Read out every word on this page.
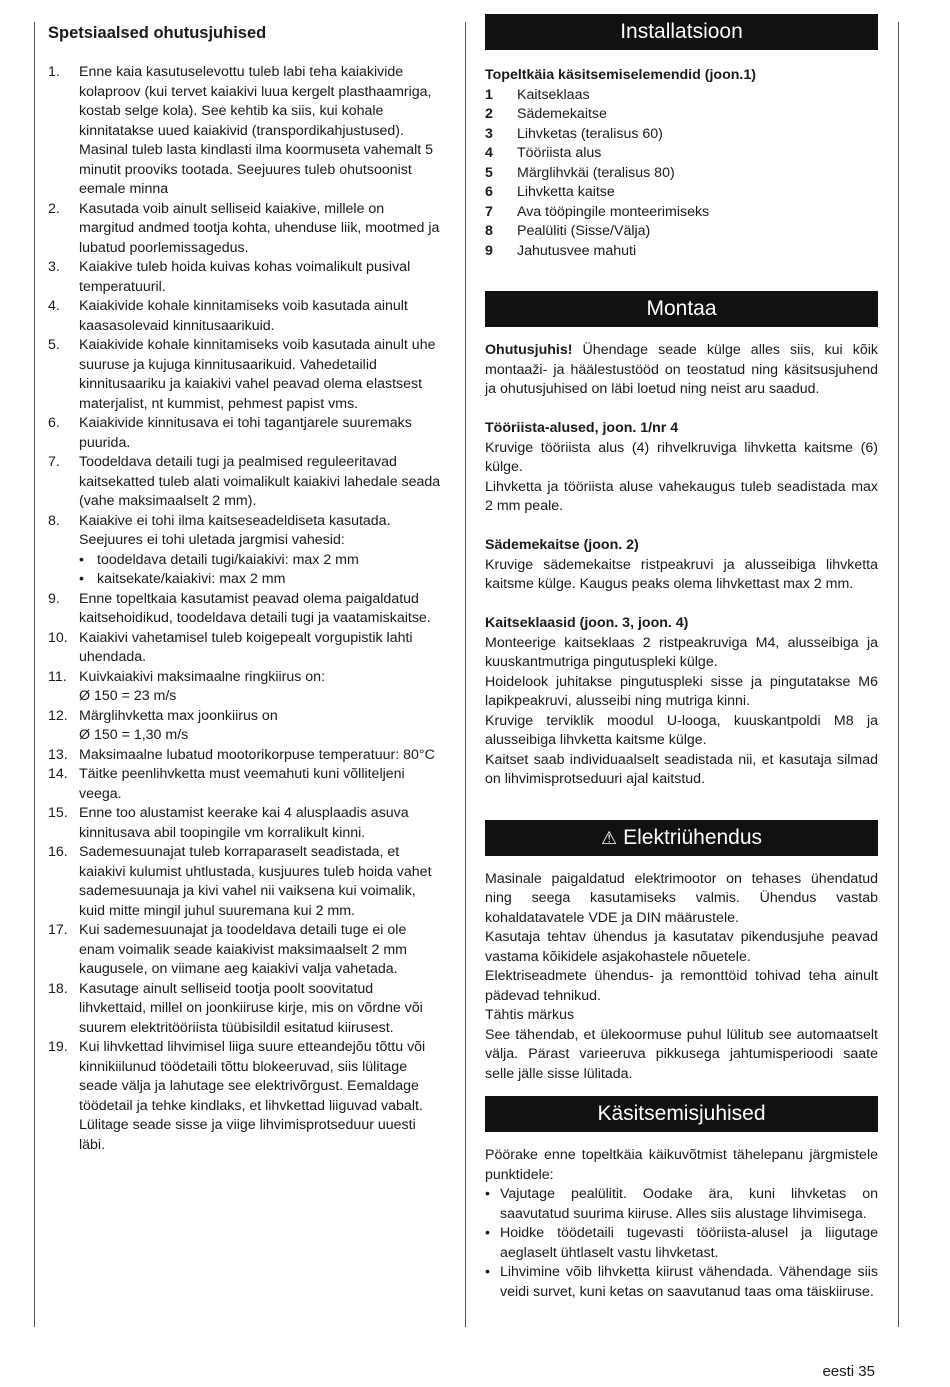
Spetsiaalsed ohutusjuhised
1. Enne kaia kasutuselevottu tuleb labi teha kaiakivide kolaproov (kui tervet kaiakivi luua kergelt plasthaamriga, kostab selge kola). See kehtib ka siis, kui kohale kinnitatakse uued kaiakivid (transpordikahjustused). Masinal tuleb lasta kindlasti ilma koormuseta vahemalt 5 minutit prooviks tootada. Seejuures tuleb ohutsoonist eemale minna
2. Kasutada voib ainult selliseid kaiakive, millele on margitud andmed tootja kohta, uhenduse liik, mootmed ja lubatud poorlemissagedus.
3. Kaiakive tuleb hoida kuivas kohas voimalikult pusival temperatuuril.
4. Kaiakivide kohale kinnitamiseks voib kasutada ainult kaasasolevaid kinnitusaarikuid.
5. Kaiakivide kohale kinnitamiseks voib kasutada ainult uhe suuruse ja kujuga kinnitusaarikuid. Vahedetailid kinnitusaariku ja kaiakivi vahel peavad olema elastsest materjalist, nt kummist, pehmest papist vms.
6. Kaiakivide kinnitusava ei tohi tagantjarele suuremaks puurida.
7. Toodeldava detaili tugi ja pealmised reguleeritavad kaitsekatted tuleb alati voimalikult kaiakivi lahedale seada (vahe maksimaalselt 2 mm).
8. Kaiakive ei tohi ilma kaitseseadeldiseta kasutada. Seejuures ei tohi uletada jargmisi vahesid:
• toodeldava detaili tugi/kaiakivi: max 2 mm
• kaitsekate/kaiakivi: max 2 mm
9. Enne topeltkaia kasutamist peavad olema paigaldatud kaitsehoidikud, toodeldava detaili tugi ja vaatamiskaitse.
10. Kaiakivi vahetamisel tuleb koigepealt vorgupistik lahti uhendada.
11. Kuivkaiakivi maksimaalne ringkiirus on:
Ø 150 = 23 m/s
12. Märglihvketta max joonkiirus on
Ø 150 = 1,30 m/s
13. Maksimaalne lubatud mootorikorpuse temperatuur: 80°C
14. Täitke peenlihvketta must veemahuti kuni võlliteljeni veega.
15. Enne too alustamist keerake kai 4 alusplaadis asuva kinnitusava abil toopingile vm korralikult kinni.
16. Sademesuunajat tuleb korraparaselt seadistada, et kaiakivi kulumist uhtlustada, kusjuures tuleb hoida vahet sademesuunaja ja kivi vahel nii vaiksena kui voimalik, kuid mitte mingil juhul suuremana kui 2 mm.
17. Kui sademesuunajat ja toodeldava detaili tuge ei ole enam voimalik seade kaiakivist maksimaalselt 2 mm kaugusele, on viimane aeg kaiakivi valja vahetada.
18. Kasutage ainult selliseid tootja poolt soovitatud lihvkettaid, millel on joonkiiruse kirje, mis on võrdne või suurem elektritööriista tüübisildil esitatud kiirusest.
19. Kui lihvkettad lihvimisel liiga suure etteandejõu tõttu või kinnikiilunud töödetaili tõttu blokeeruvad, siis lülitage seade välja ja lahutage see elektrivõrgust. Eemaldage töödetail ja tehke kindlaks, et lihvkettad liiguvad vabalt. Lülitage seade sisse ja viige lihvimisprotseduur uuesti läbi.
Installatsioon

Topeltkäia käsitsemiselemendid (joon.1)

1 Kaitseklaas
2 Sädemekaitse
3 Lihvketas (teralisus 60)
4 Tööriista alus
5 Märglihvkäi (teralisus 80)
6 Lihvketta kaitse
7 Ava tööpingile monteerimiseks
8 Pealüliti (Sisse/Välja)
9 Jahutusvee mahuti
Montaa

Ohutusjuhis! Ühendage seade külge alles siis, kui kõik montaaži- ja häälestustööd on teostatud ning käsitsusjuhend ja ohutusjuhised on läbi loetud ning neist aru saadud.

Tööriista-alused, joon. 1/nr 4

Kruvige tööriista alus (4) rihvelkruviga lihvketta kaitsme (6) külge.

Lihvketta ja tööriista aluse vahekaugus tuleb seadistada max 2 mm peale.

Sädemekaitse (joon. 2)

Kruvige sädemekaitse ristpeakruvi ja alusseibiga lihvketta kaitsme külge. Kaugus peaks olema lihvkettast max 2 mm.

Kaitseklaasid (joon. 3, joon. 4)

Monteerige kaitseklaas 2 ristpeakruviga M4, alusseibiga ja kuuskantmutriga pingutuspleki külge.

Hoidelook juhitakse pingutuspleki sisse ja pingutatakse M6 lapikpeakruvi, alusseibi ning mutriga kinni.

Kruvige terviklik moodul U-looga, kuuskantpoldi M8 ja alusseibiga lihvketta kaitsme külge.

Kaitset saab individuaalselt seadistada nii, et kasutaja silmad on lihvimisprotseduuri ajal kaitstud.

⚠ Elektriühendus

Masinale paigaldatud elektrimootor on tehases ühendatud ning seega kasutamiseks valmis. Ühendus vastab kohaldatavatele VDE ja DIN määrustele.

Kasutaja tehtav ühendus ja kasutatav pikendusjuhe peavad vastama kõikidele asjakohastele nõuetele.

Elektriseadmete ühendus- ja remonttöid tohivad teha ainult pädevad tehnikud.

Tähtis märkus

See tähendab, et ülekoormuse puhul lülitub see automaatselt välja. Pärast varieeruva pikkusega jahtumisperioodi saate selle jälle sisse lülitada.

Käsitsemisjuhised

Pöörake enne topeltkäia käikuvõtmist tähelepanu järgmistele punktidele:

• Vajutage pealülitit. Oodake ära, kuni lihvketas on saavutatud suurima kiiruse. Alles siis alustage lihvimisega.
• Hoidke töödetaili tugevasti tööriista-alusel ja liigutage aeglaselt ühtlaselt vastu lihvketast.
• Lihvimine võib lihvketta kiirust vähendada. Vähendage siis veidi survet, kuni ketas on saavutanud taas oma täiskiiruse.
eesti 35
